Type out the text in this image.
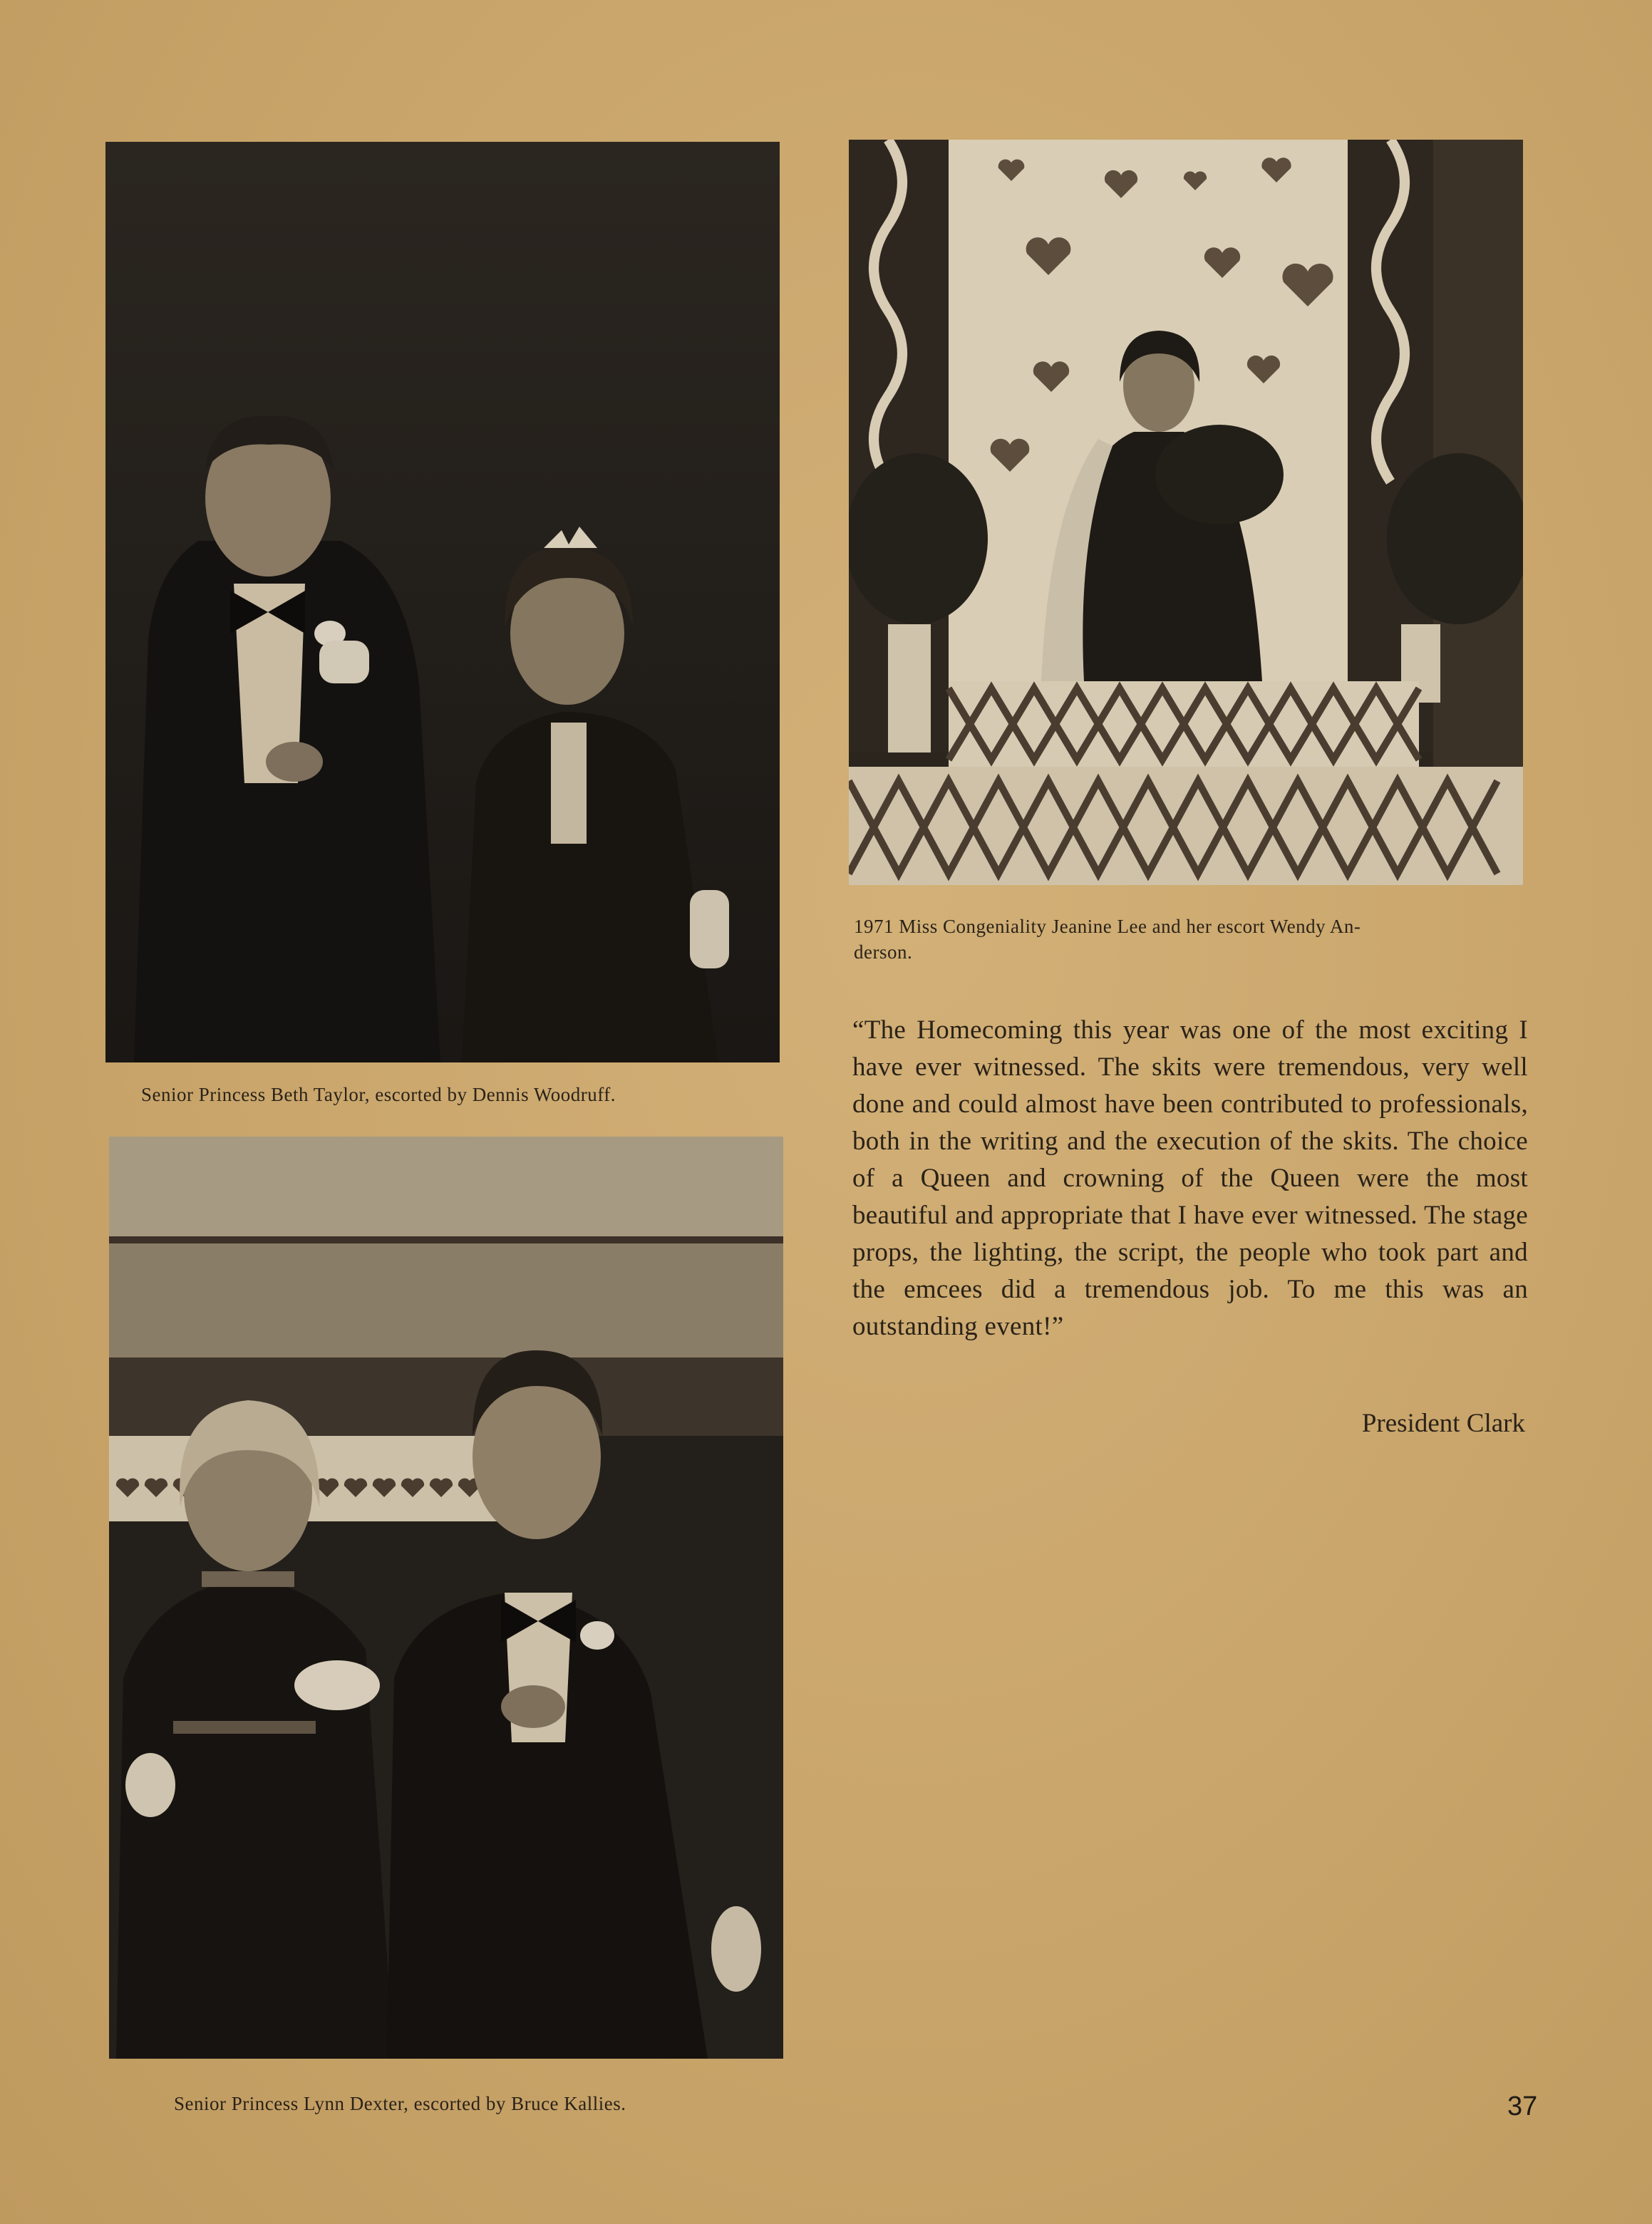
Senior Princess Beth Taylor, escorted by Dennis Woodruff.
1971 Miss Congeniality Jeanine Lee and her escort Wendy An-
derson.
“The Homecoming this year was one of the most exciting I have ever witnessed. The skits were tremendous, very well done and could almost have been contributed to professionals, both in the writing and the execution of the skits. The choice of a Queen and crowning of the Queen were the most beautiful and appropriate that I have ever witnessed. The stage props, the lighting, the script, the people who took part and the emcees did a tremendous job. To me this was an outstanding event!”
President Clark
Senior Princess Lynn Dexter, escorted by Bruce Kallies.	37
